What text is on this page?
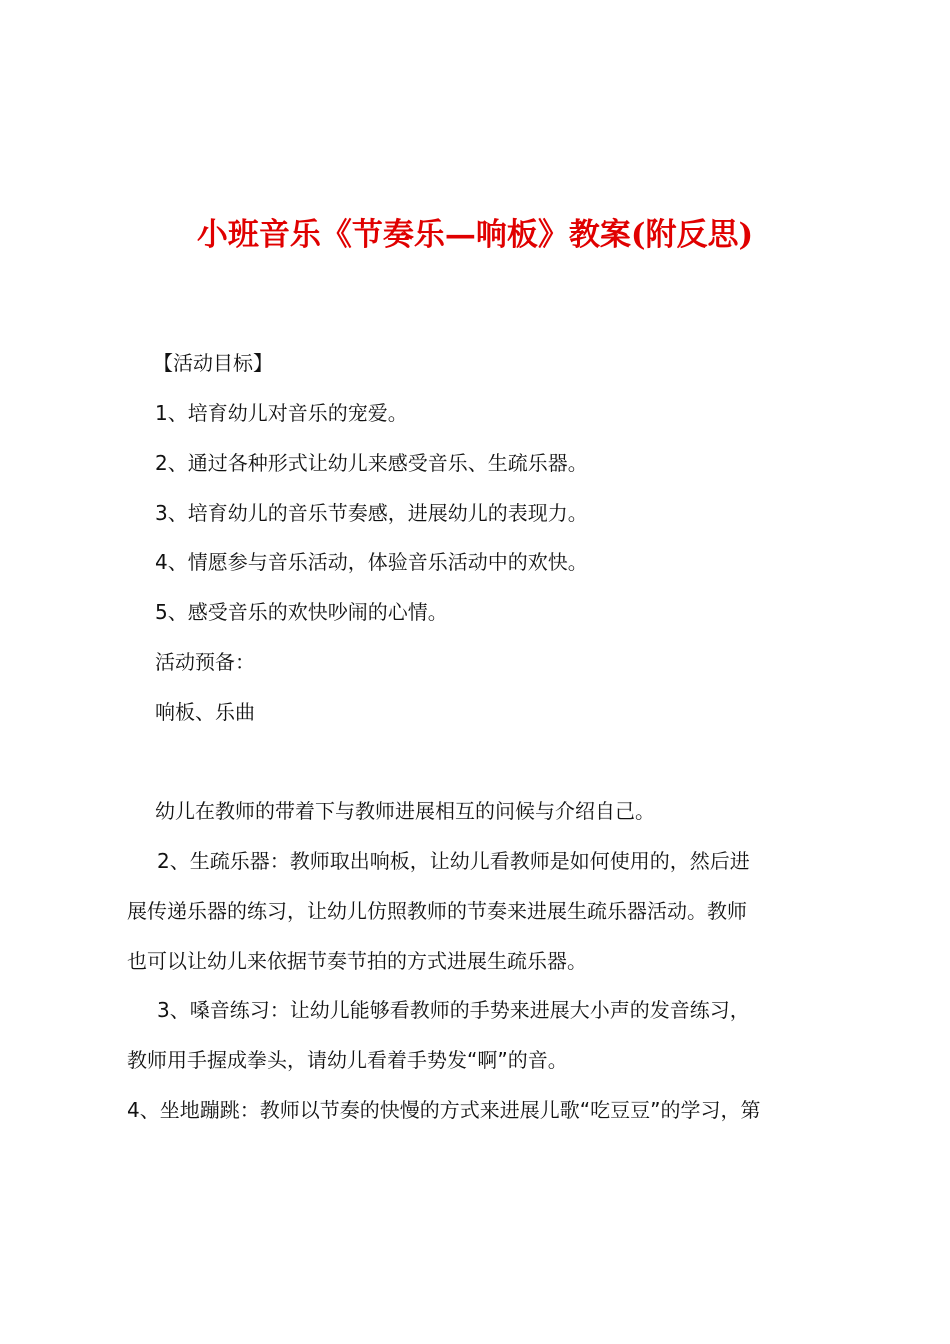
小班音乐《节奏乐—响板》教案(附反思)
【活动目标】
1、培育幼儿对音乐的宠爱。
2、通过各种形式让幼儿来感受音乐、生疏乐器。
3、培育幼儿的音乐节奏感，进展幼儿的表现力。
4、情愿参与音乐活动，体验音乐活动中的欢快。
5、感受音乐的欢快吵闹的心情。
活动预备：
响板、乐曲
幼儿在教师的带着下与教师进展相互的问候与介绍自己。
2、生疏乐器：教师取出响板，让幼儿看教师是如何使用的，然后进
展传递乐器的练习，让幼儿仿照教师的节奏来进展生疏乐器活动。教师
也可以让幼儿来依据节奏节拍的方式进展生疏乐器。
3、嗓音练习：让幼儿能够看教师的手势来进展大小声的发音练习，
教师用手握成拳头，请幼儿看着手势发“啊”的音。
4、坐地蹦跳：教师以节奏的快慢的方式来进展儿歌“吃豆豆”的学习，第
